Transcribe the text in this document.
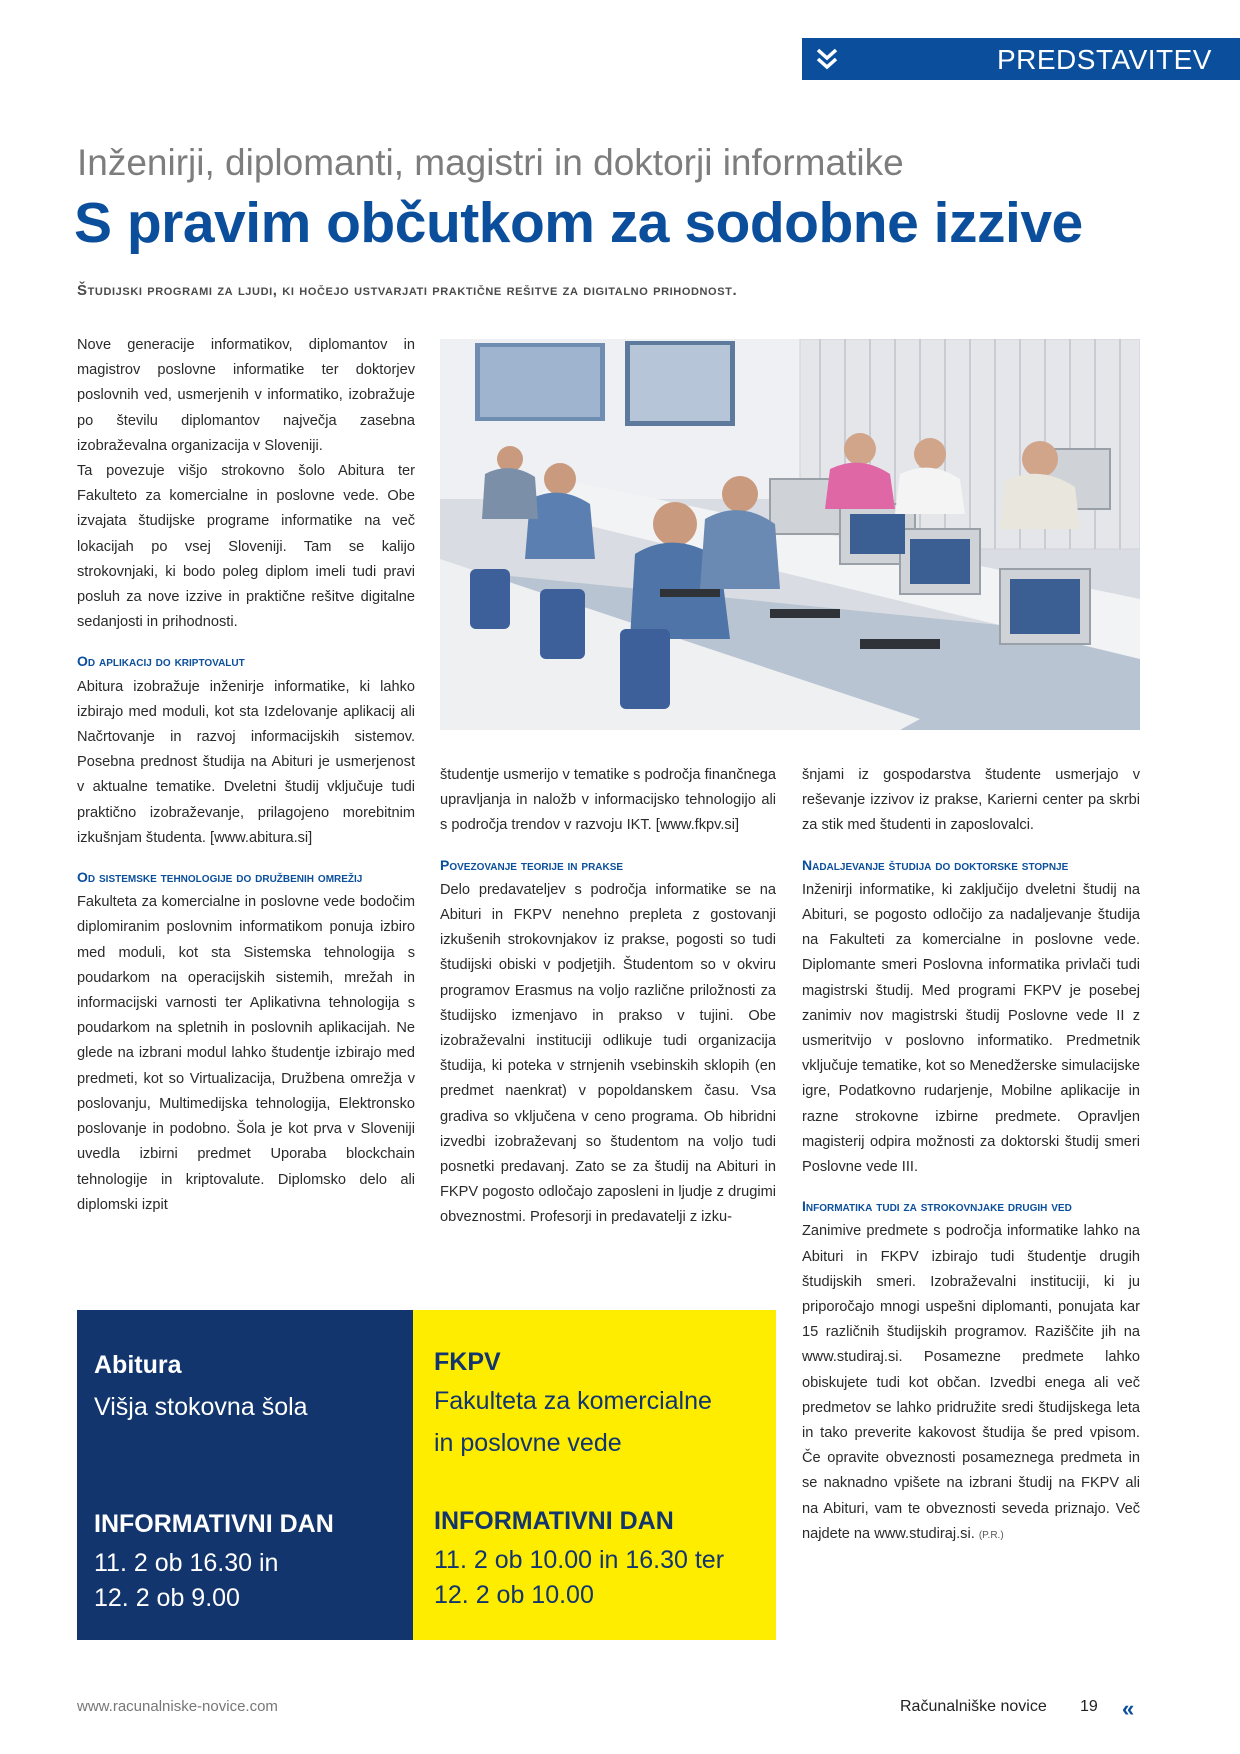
PREDSTAVITEV
Inženirji, diplomanti, magistri in doktorji informatike
S pravim občutkom za sodobne izzive
Študijski programi za ljudi, ki hočejo ustvarjati praktične rešitve za digitalno prihodnost.

Nove generacije informatikov, diplomantov in magistrov poslovne informatike ter doktorjev poslovnih ved, usmerjenih v informatiko, izobražuje po številu diplomantov največja zasebna izobraževalna organizacija v Sloveniji.

Ta povezuje višjo strokovno šolo Abitura ter Fakulteto za komercialne in poslovne vede. Obe izvajata študijske programe informatike na več lokacijah po vsej Sloveniji. Tam se kalijo strokovnjaki, ki bodo poleg diplom imeli tudi pravi posluh za nove izzive in praktične rešitve digitalne sedanjosti in prihodnosti.

Od aplikacij do kriptovalut

Abitura izobražuje inženirje informatike, ki lahko izbirajo med moduli, kot sta Izdelovanje aplikacij ali Načrtovanje in razvoj informacijskih sistemov. Posebna prednost študija na Abituri je usmerjenost v aktualne tematike. Dveletni študij vključuje tudi praktično izobraževanje, prilagojeno morebitnim izkušnjam študenta. [www.abitura.si]

Od sistemske tehnologije do družbenih omrežij

Fakulteta za komercialne in poslovne vede bodočim diplomiranim poslovnim informatikom ponuja izbiro med moduli, kot sta Sistemska tehnologija s poudarkom na operacijskih sistemih, mrežah in informacijski varnosti ter Aplikativna tehnologija s poudarkom na spletnih in poslovnih aplikacijah. Ne glede na izbrani modul lahko študentje izbirajo med predmeti, kot so Virtualizacija, Družbena omrežja v poslovanju, Multimedijska tehnologija, Elektronsko poslovanje in podobno. Šola je kot prva v Sloveniji uvedla izbirni predmet Uporaba blockchain tehnologije in kriptovalute. Diplomsko delo ali diplomski izpit

študentje usmerijo v tematike s področja finančnega upravljanja in naložb v informacijsko tehnologijo ali s področja trendov v razvoju IKT. [www.fkpv.si]

Povezovanje teorije in prakse

Delo predavateljev s področja informatike se na Abituri in FKPV nenehno prepleta z gostovanji izkušenih strokovnjakov iz prakse, pogosti so tudi študijski obiski v podjetjih. Študentom so v okviru programov Erasmus na voljo različne priložnosti za študijsko izmenjavo in prakso v tujini. Obe izobraževalni instituciji odlikuje tudi organizacija študija, ki poteka v strnjenih vsebinskih sklopih (en predmet naenkrat) v popoldanskem času. Vsa gradiva so vključena v ceno programa. Ob hibridni izvedbi izobraževanj so študentom na voljo tudi posnetki predavanj. Zato se za študij na Abituri in FKPV pogosto odločajo zaposleni in ljudje z drugimi obveznostmi. Profesorji in predavatelji z izku-

šnjami iz gospodarstva študente usmerjajo v reševanje izzivov iz prakse, Karierni center pa skrbi za stik med študenti in zaposlovalci.

Nadaljevanje študija do doktorske stopnje

Inženirji informatike, ki zaključijo dveletni študij na Abituri, se pogosto odločijo za nadaljevanje študija na Fakulteti za komercialne in poslovne vede. Diplomante smeri Poslovna informatika privlači tudi magistrski študij. Med programi FKPV je posebej zanimiv nov magistrski študij Poslovne vede II z usmeritvijo v poslovno informatiko. Predmetnik vključuje tematike, kot so Menedžerske simulacijske igre, Podatkovno rudarjenje, Mobilne aplikacije in razne strokovne izbirne predmete. Opravljen magisterij odpira možnosti za doktorski študij smeri Poslovne vede III.

Informatika tudi za strokovnjake drugih ved

Zanimive predmete s področja informatike lahko na Abituri in FKPV izbirajo tudi študentje drugih študijskih smeri. Izobraževalni instituciji, ki ju priporočajo mnogi uspešni diplomanti, ponujata kar 15 različnih študijskih programov. Raziščite jih na www.studiraj.si. Posamezne predmete lahko obiskujete tudi kot občan. Izvedbi enega ali več predmetov se lahko pridružite sredi študijskega leta in tako preverite kakovost študija še pred vpisom. Če opravite obveznosti posameznega predmeta in se naknadno vpišete na izbrani študij na FKPV ali na Abituri, vam te obveznosti seveda priznajo. Več najdete na www.studiraj.si. (P.R.)

Abitura
Višja stokovna šola
INFORMATIVNI DAN
11. 2 ob 16.30 in
12. 2 ob 9.00
FKPV
Fakulteta za komercialne
in poslovne vede
INFORMATIVNI DAN
11. 2 ob 10.00 in 16.30 ter
12. 2 ob 10.00
www.racunalniske-novice.com	Računalniške novice 19 «
